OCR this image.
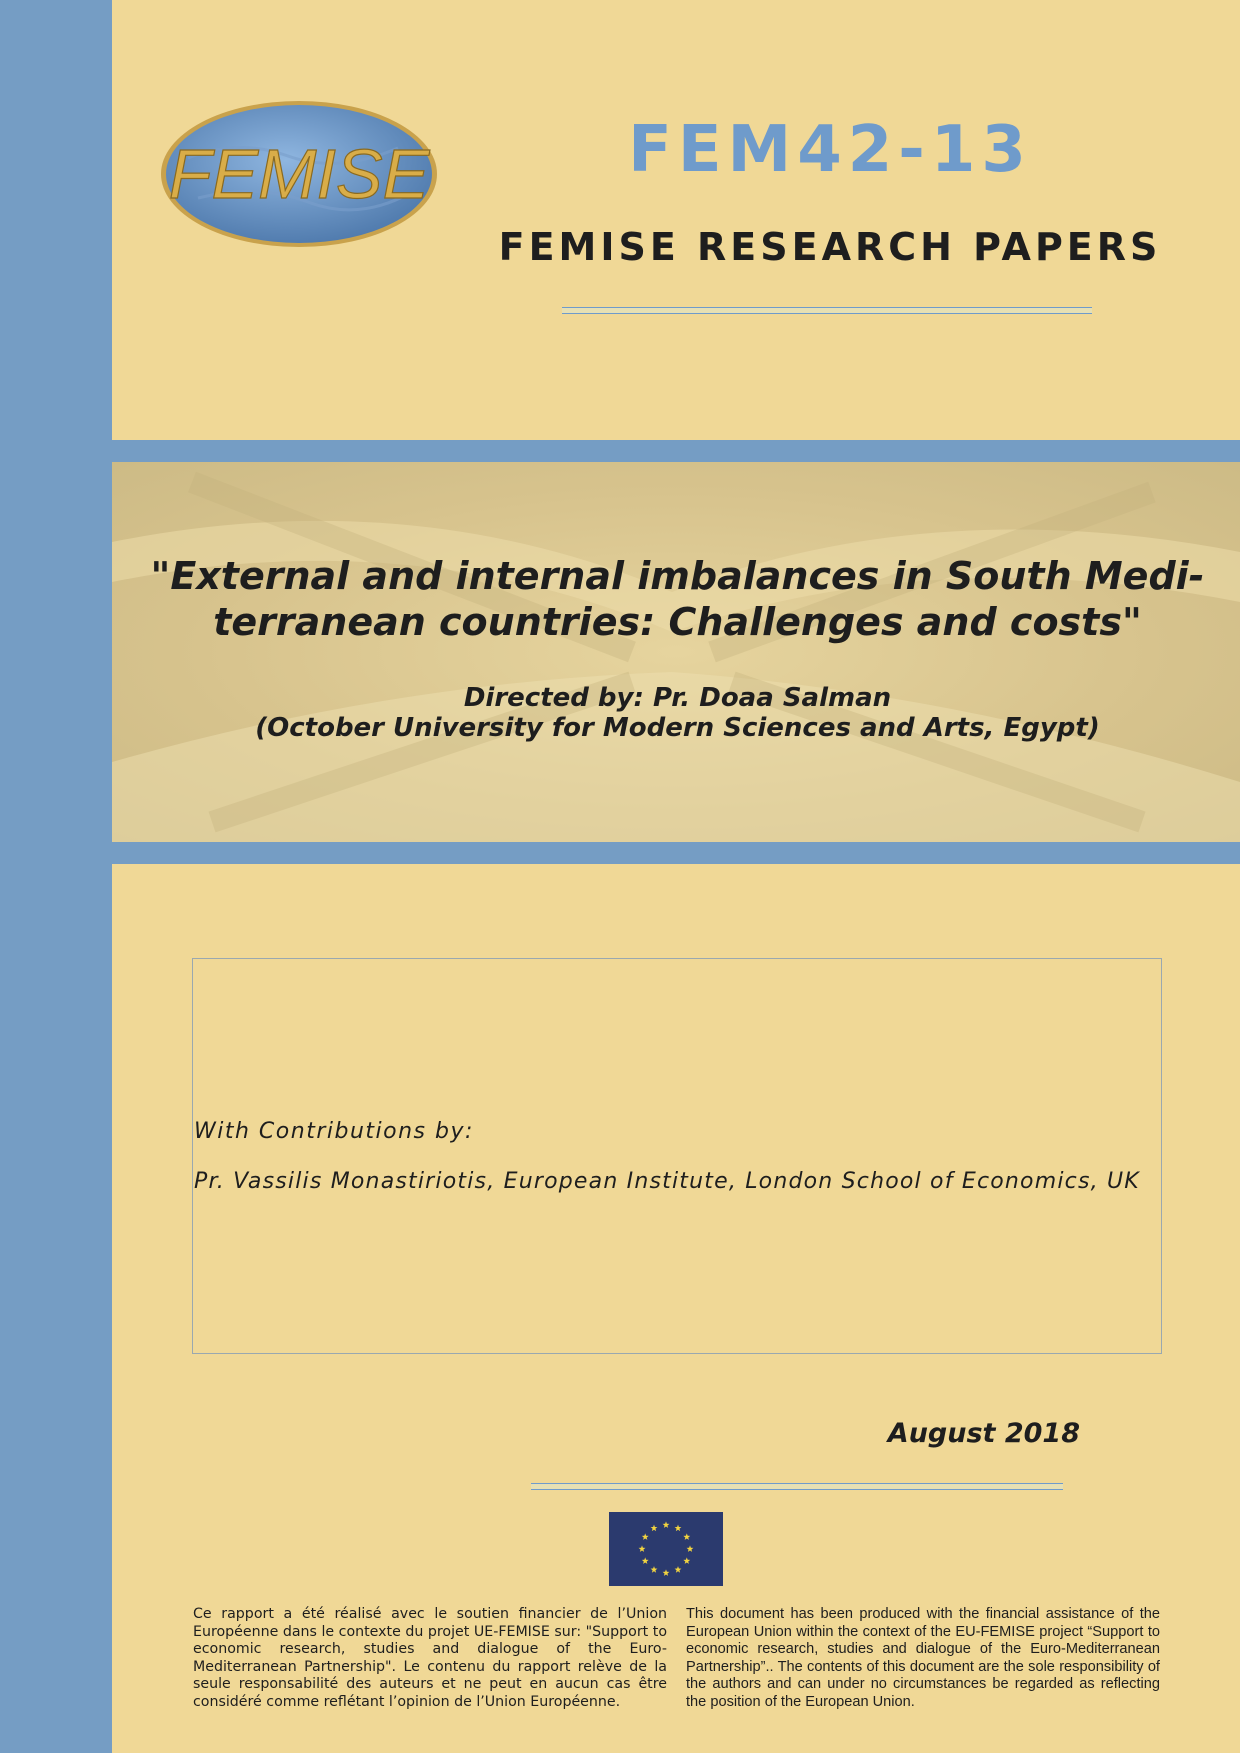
FEMISE	FEM42-13
FEMISE RESEARCH PAPERS
"External and internal imbalances in South Medi-
terranean countries: Challenges and costs"
Directed by: Pr. Doaa Salman
(October University for Modern Sciences and Arts, Egypt)
With Contributions by:
Pr. Vassilis Monastiriotis, European Institute, London School of Economics, UK
August 2018
Ce rapport a été réalisé avec le soutien financier de l’Union Européenne dans le contexte du projet UE-FEMISE sur: "Support to economic research, studies and dialogue of the Euro-Mediterranean Partnership". Le contenu du rapport relève de la seule responsabilité des auteurs et ne peut en aucun cas être considéré comme reflétant l’opinion de l’Union Européenne.
This document has been produced with the financial assistance of the European Union within the context of the EU-FEMISE project “Support to economic research, studies and dialogue of the Euro-Mediterranean Partnership”.. The contents of this document are the sole responsibility of the authors and can under no circumstances be regarded as reflecting the position of the European Union.
